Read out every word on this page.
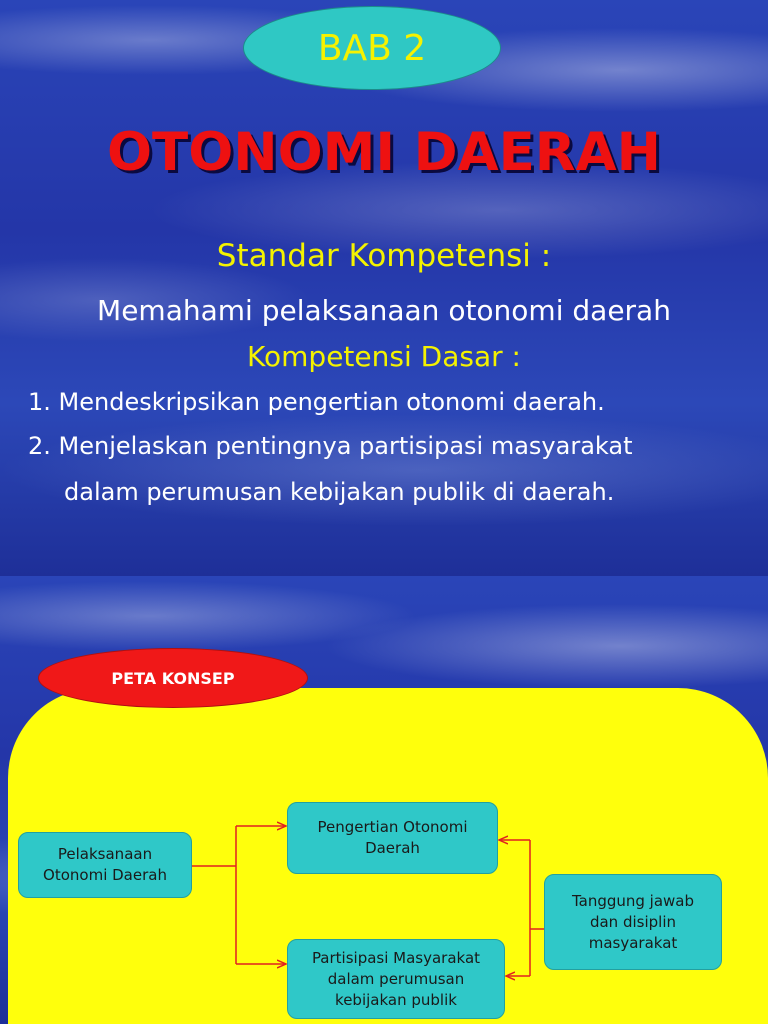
BAB 2
OTONOMI DAERAH
Standar Kompetensi :
Memahami pelaksanaan otonomi daerah
Kompetensi Dasar :
1. Mendeskripsikan pengertian otonomi daerah.
2. Menjelaskan pentingnya partisipasi masyarakat
dalam perumusan kebijakan publik di daerah.
PETA KONSEP
Pelaksanaan
Otonomi Daerah
Pengertian Otonomi
Daerah
Partisipasi Masyarakat
dalam perumusan
kebijakan publik
Tanggung jawab
dan disiplin
masyarakat
